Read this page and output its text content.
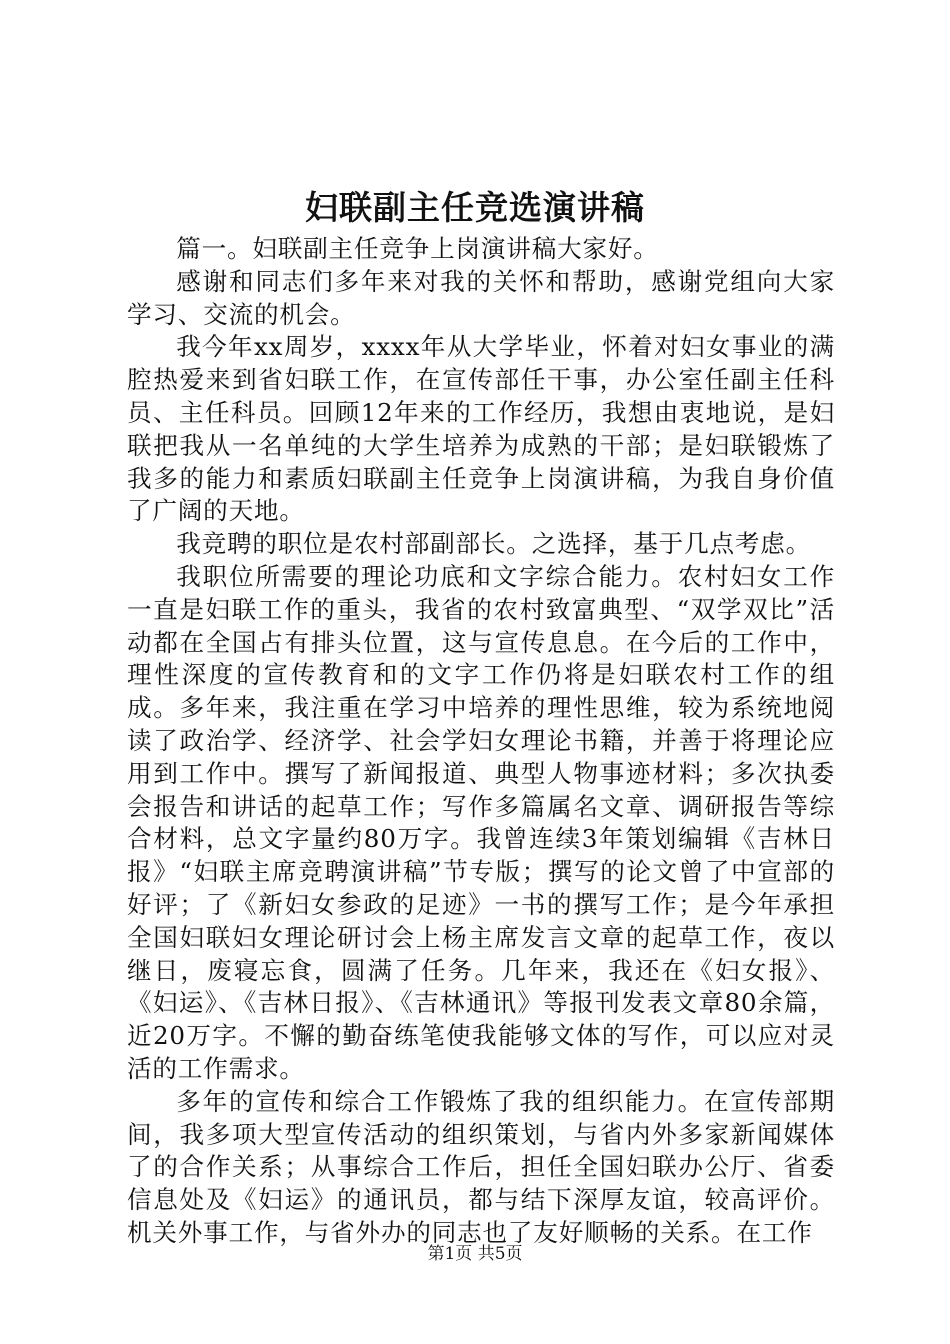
妇联副主任竞选演讲稿

篇一。妇联副主任竞争上岗演讲稿大家好。

感谢和同志们多年来对我的关怀和帮助，感谢党组向大家学习、交流的机会。

我今年xx周岁，xxxx年从大学毕业，怀着对妇女事业的满腔热爱来到省妇联工作，在宣传部任干事，办公室任副主任科员、主任科员。回顾12年来的工作经历，我想由衷地说，是妇联把我从一名单纯的大学生培养为成熟的干部；是妇联锻炼了我多的能力和素质妇联副主任竞争上岗演讲稿，为我自身价值了广阔的天地。

我竞聘的职位是农村部副部长。之选择，基于几点考虑。

我职位所需要的理论功底和文字综合能力。农村妇女工作一直是妇联工作的重头，我省的农村致富典型、“双学双比”活动都在全国占有排头位置，这与宣传息息。在今后的工作中，理性深度的宣传教育和的文字工作仍将是妇联农村工作的组成。多年来，我注重在学习中培养的理性思维，较为系统地阅读了政治学、经济学、社会学妇女理论书籍，并善于将理论应用到工作中。撰写了新闻报道、典型人物事迹材料；多次执委会报告和讲话的起草工作；写作多篇属名文章、调研报告等综合材料，总文字量约80万字。我曾连续3年策划编辑《吉林日报》“妇联主席竞聘演讲稿”节专版；撰写的论文曾了中宣部的好评；了《新妇女参政的足迹》一书的撰写工作；是今年承担全国妇联妇女理论研讨会上杨主席发言文章的起草工作，夜以继日，废寝忘食，圆满了任务。几年来，我还在《妇女报》、《妇运》、《吉林日报》、《吉林通讯》等报刊发表文章80余篇，近20万字。不懈的勤奋练笔使我能够文体的写作，可以应对灵活的工作需求。

多年的宣传和综合工作锻炼了我的组织能力。在宣传部期间，我多项大型宣传活动的组织策划，与省内外多家新闻媒体了的合作关系；从事综合工作后，担任全国妇联办公厅、省委信息处及《妇运》的通讯员，都与结下深厚友谊，较高评价。机关外事工作，与省外办的同志也了友好顺畅的关系。在工作

第1页 共5页
